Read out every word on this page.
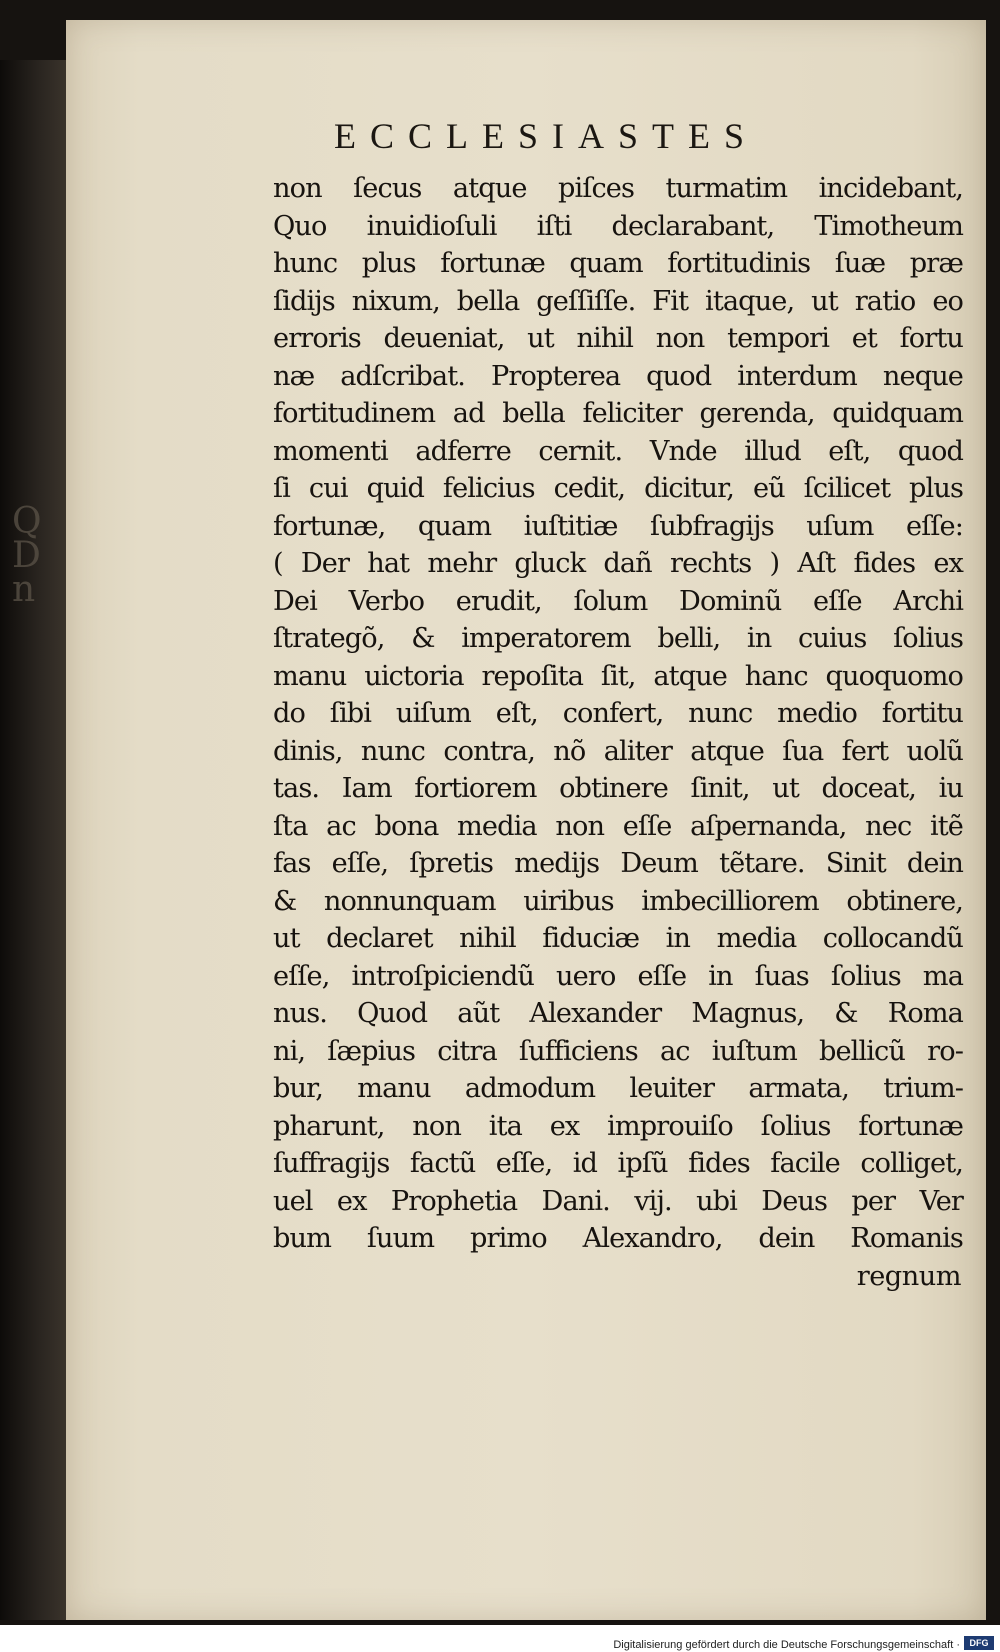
Q
D
n
ECCLESIASTES
non ſecus atque piſces turmatim incidebant,
Quo inuidioſuli iſti declarabant, Timotheum
hunc plus fortunæ quam fortitudinis ſuæ præ
ſidijs nixum, bella geſſiſſe. Fit itaque, ut ratio eo
erroris deueniat, ut nihil non tempori et fortu
næ adſcribat. Propterea quod interdum neque
fortitudinem ad bella feliciter gerenda, quidquam
momenti adferre cernit. Vnde illud eſt, quod
ſi cui quid felicius cedit, dicitur, eũ ſcilicet plus
fortunæ, quam iuſtitiæ ſubfragijs uſum eſſe:
( Der hat mehr gluck dañ rechts ) Aſt fides ex
Dei Verbo erudit, ſolum Dominũ eſſe Archi
ſtrategõ, & imperatorem belli, in cuius ſolius
manu uictoria repoſita ſit, atque hanc quoquomo
do ſibi uiſum eſt, confert, nunc medio fortitu
dinis, nunc contra, nõ aliter atque ſua fert uolũ
tas. Iam fortiorem obtinere ſinit, ut doceat, iu
ſta ac bona media non eſſe aſpernanda, nec itẽ
fas eſſe, ſpretis medijs Deum tẽtare. Sinit dein
& nonnunquam uiribus imbecilliorem obtinere,
ut declaret nihil fiduciæ in media collocandũ
eſſe, introſpiciendũ uero eſſe in ſuas ſolius ma
nus. Quod aũt Alexander Magnus, & Roma
ni, ſæpius citra ſufficiens ac iuſtum bellicũ ro-
bur, manu admodum leuiter armata, trium-
pharunt, non ita ex improuiſo ſolius fortunæ
ſuffragijs factũ eſſe, id ipſũ fides facile colliget,
uel ex Prophetia Dani. vij. ubi Deus per Ver
bum ſuum primo Alexandro, dein Romanis
regnum
Digitalisierung gefördert durch die Deutsche Forschungsgemeinschaft ·	DFG
